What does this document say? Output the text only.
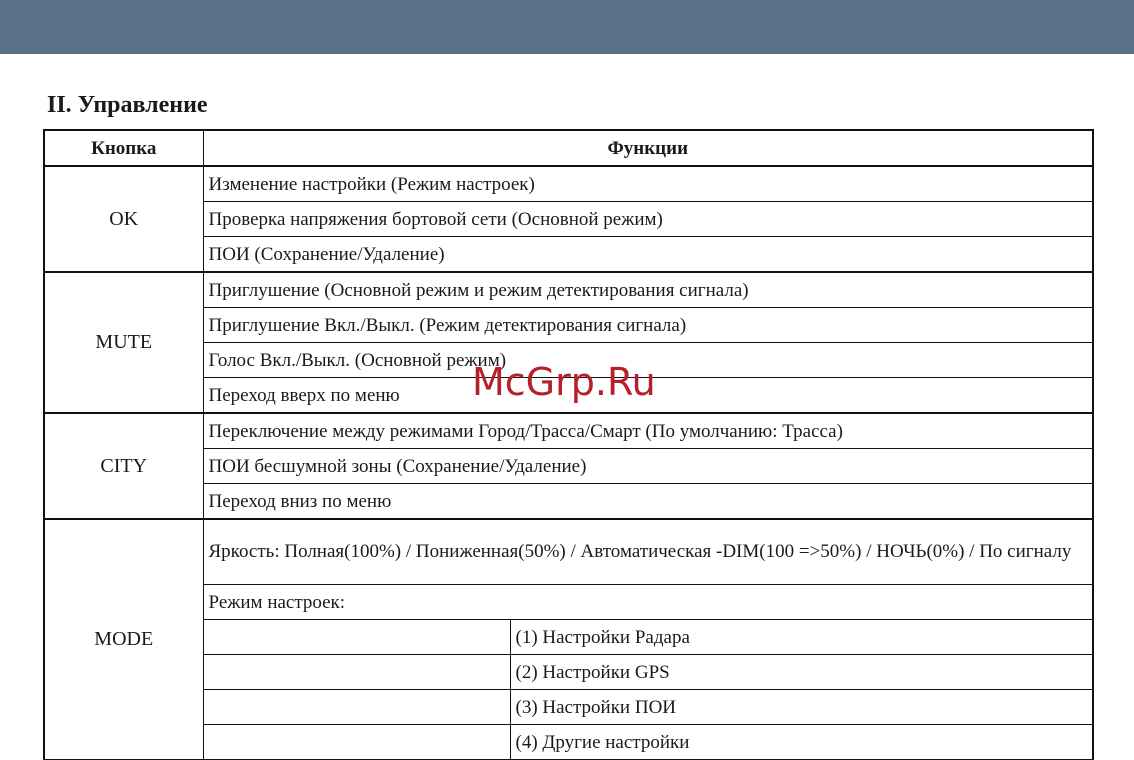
II. Управление
Кнопка	Функции	
OK	Изменение настройки (Режим настроек)	
	Проверка напряжения бортовой сети (Основной режим)	
	ПОИ (Сохранение/Удаление)	
MUTE	Приглушение (Основной режим и режим детектирования сигнала)	
	Приглушение Вкл./Выкл. (Режим детектирования сигнала)	
	Голос Вкл./Выкл. (Основной режим)	
	Переход вверх по меню	
CITY	Переключение между режимами Город/Трасса/Смарт (По умолчанию: Трасса)	
	ПОИ бесшумной зоны (Сохранение/Удаление)	
	Переход вниз по меню	
MODE	Яркость: Полная(100%) / Пониженная(50%) / Автоматическая -DIM(100 =>50%) / НОЧЬ(0%) / По сигналу	
	Режим настроек:	
		(1) Настройки Радара
		(2) Настройки GPS
		(3) Настройки ПОИ
		(4) Другие настройки
McGrp.Ru
